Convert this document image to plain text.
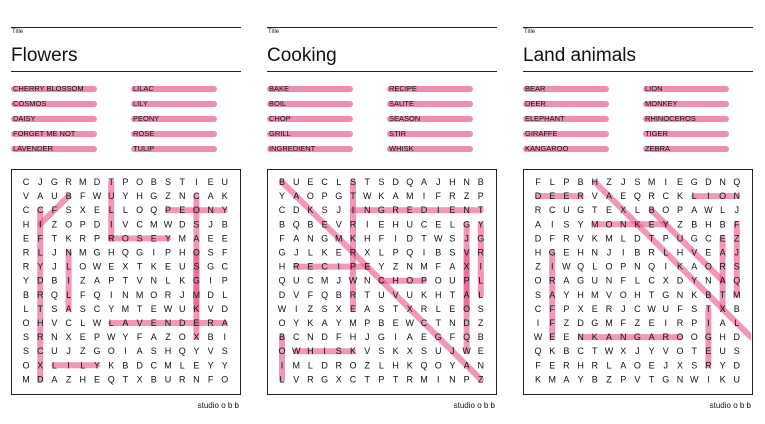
Title
Flowers
CHERRY BLOSSOM
COSMOS
DAISY
FORGET ME NOT
LAVENDER
LILAC
LILY
PEONY
ROSE
TULIP
C J G R M D T P O B S T I E U
V A U B F W U Y H G Z N C A K
C C F S X E L L O Q P E O N Y
H I Z O P D I V C M W D S J B
E F T K R P R O S E Y M A E E
R L J N M G H Q G I P H O S F
R Y J L O W E X T K E U S G C
Y D B I Z A P T V N L K G I P
B R Q L F Q I N M O R J M D L
L T S A S C Y M T E W U K V D
O H V C L W L A V E N D E R A
S R N X E P W Y F A Z O X B I
S C U J Z G O I A S H Q Y V S
O X L I L Y K B D C M L E Y Y
M D A Z H E Q T X B U R N F O
studio o b b
Title
Cooking
BAKE
BOIL
CHOP
GRILL
INGREDIENT
RECIPE
SAUTE
SEASON
STIR
WHISK
B U E C L S T S D Q A J H N B
Y A O P G T W K A M I F R Z P
C D K S J I N G R E D I E N T
B Q B E V R I E H U C E L G Y
F A N G M K H F I D T W S J G
G J L K E R X L P Q I B S V R
H R E C I P E Y Z N M F A X I
Q U C M J W N C H O P O U P L
D V F Q B R T U V U K H T A L
W I Z S X E A S T X R L E O S
O Y K A Y M P B E W C T N D Z
B C N D F H J G I A E G F Q B
O W H I S K V S K X S U J W E
I M L D R O Z L H K Q O Y A N
L V R G X C T P T R M I N P Z
studio o b b
Title
Land animals
BEAR
DEER
ELEPHANT
GIRAFFE
KANGAROO
LION
MONKEY
RHINOCEROS
TIGER
ZEBRA
F L P B H Z J S M I E G D N Q
D E E R V A E Q R C K L I O N
R C U G T E X L B O P A W L J
A I S Y M O N K E Y Z B H B F
D F R V K M L D T P U G C E Z
H G E H N J I B R L H V E A J
Z I W Q L O P N Q I K A O R S
O R A G U N F L C X D Y N A Q
S A Y H M V O H T G N K B T M
C F P X E R J C W U F S T X B
I F Z D G M F Z E I R P I A L
W E E N K A N G A R O O G H D
Q K B C T W X J Y V O T E U S
F E R H R L A O E J X S R Y D
K M A Y B Z P V T G N W I K U
studio o b b
